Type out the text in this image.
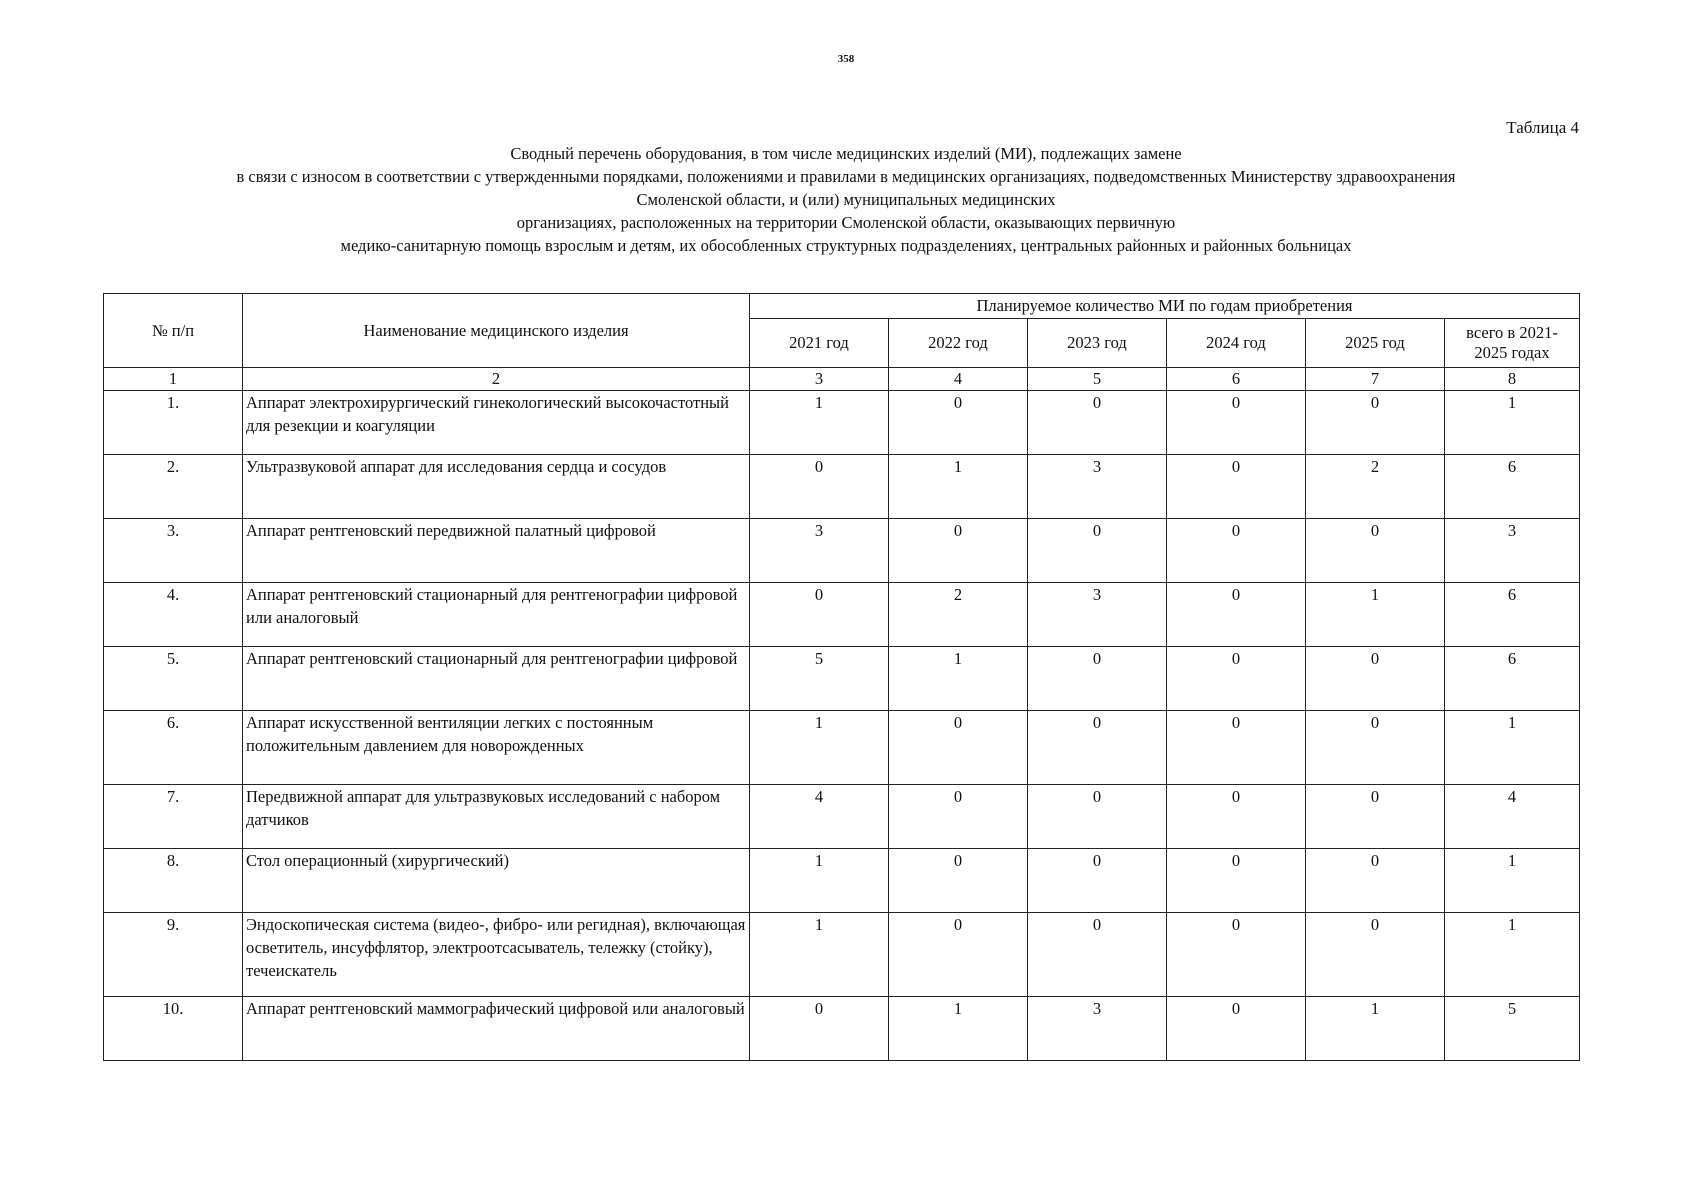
358
Таблица 4
Сводный перечень оборудования, в том числе медицинских изделий (МИ), подлежащих замене
в связи с износом в соответствии с утвержденными порядками, положениями и правилами в медицинских организациях, подведомственных Министерству здравоохранения
Смоленской области, и (или) муниципальных медицинских
организациях, расположенных на территории Смоленской области, оказывающих первичную
медико-санитарную помощь взрослым и детям, их обособленных структурных подразделениях, центральных районных и районных больницах
№ п/п	Наименование медицинского изделия	Планируемое количество МИ по годам приобретения					
		2021 год	2022 год	2023 год	2024 год	2025 год	всего в 2021-
2025 годах

1	2	3	4	5	6	7	8
1.	Аппарат электрохирургический гинекологический высокочастотный для резекции и коагуляции	1	0	0	0	0	1
2.	Ультразвуковой аппарат для исследования сердца и сосудов	0	1	3	0	2	6
3.	Аппарат рентгеновский передвижной палатный цифровой	3	0	0	0	0	3
4.	Аппарат рентгеновский стационарный для рентгенографии цифровой или аналоговый	0	2	3	0	1	6
5.	Аппарат рентгеновский стационарный для рентгенографии цифровой	5	1	0	0	0	6
6.	Аппарат искусственной вентиляции легких с постоянным положительным давлением для новорожденных	1	0	0	0	0	1
7.	Передвижной аппарат для ультразвуковых исследований с набором датчиков	4	0	0	0	0	4
8.	Стол операционный (хирургический)	1	0	0	0	0	1
9.	Эндоскопическая система (видео-, фибро- или регидная), включающая осветитель, инсуффлятор, электроотсасыватель, тележку (стойку), течеискатель	1	0	0	0	0	1
10.	Аппарат рентгеновский маммографический цифровой или аналоговый	0	1	3	0	1	5
